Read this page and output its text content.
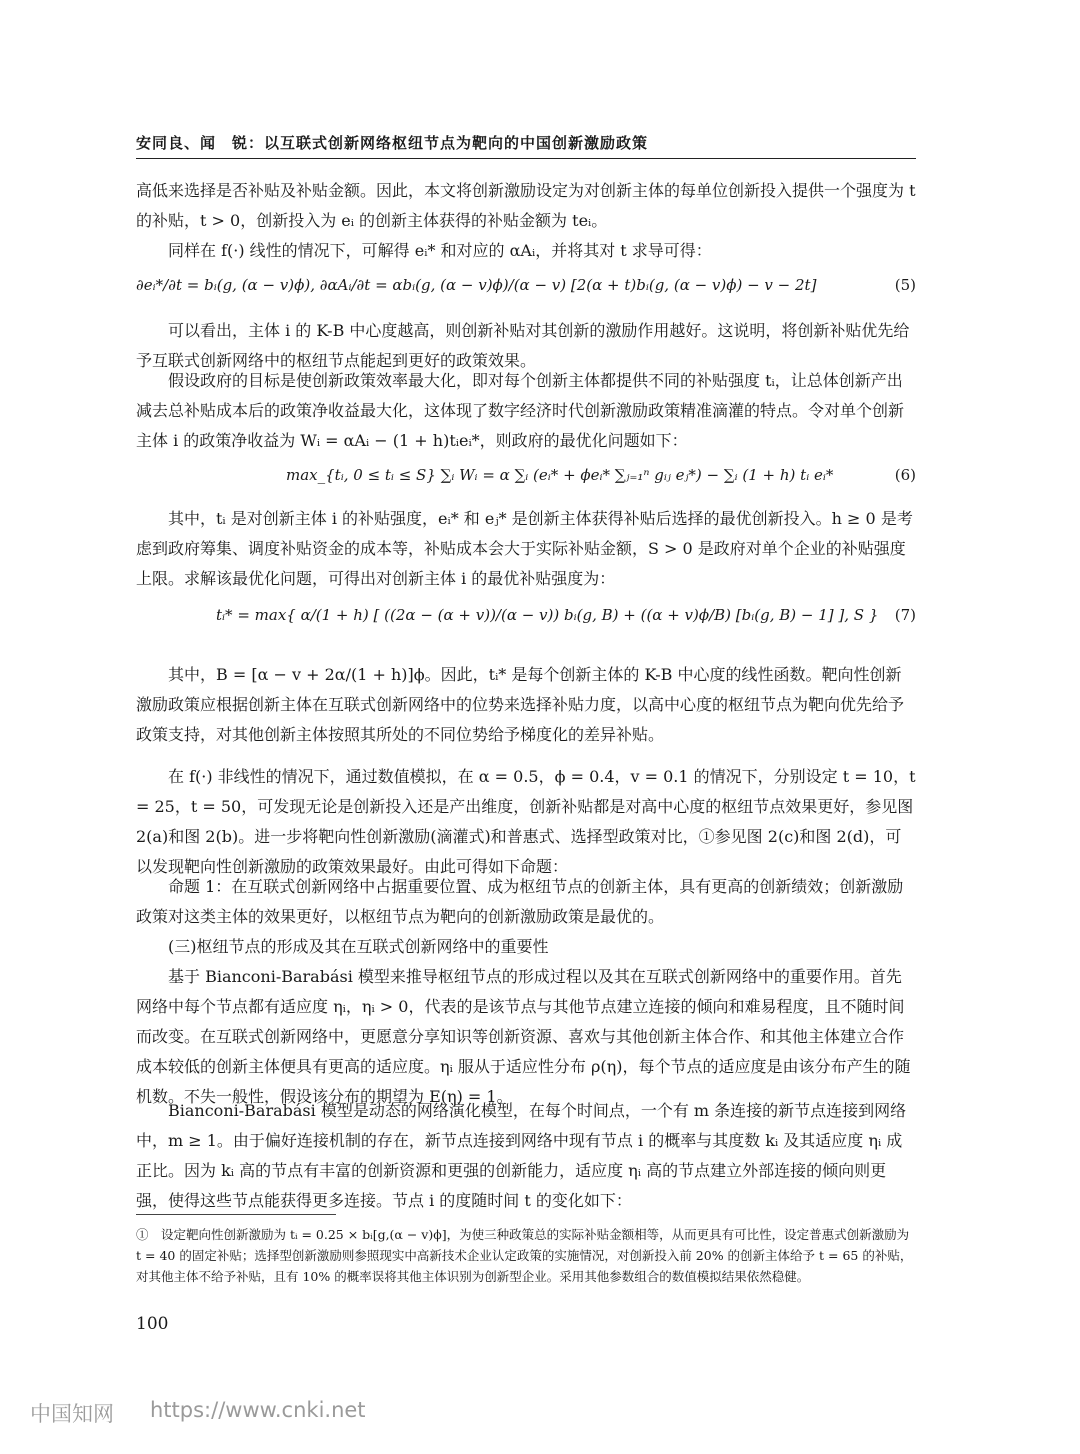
安同良、闻　锐：以互联式创新网络枢纽节点为靶向的中国创新激励政策

高低来选择是否补贴及补贴金额。因此，本文将创新激励设定为对创新主体的每单位创新投入提供一个强度为 t 的补贴，t > 0，创新投入为 eᵢ 的创新主体获得的补贴金额为 teᵢ。

同样在 f(·) 线性的情况下，可解得 eᵢ* 和对应的 αAᵢ，并将其对 t 求导可得：

∂eᵢ*/∂t = bᵢ(g, (α − v)ϕ), ∂αAᵢ/∂t = αbᵢ(g, (α − v)ϕ)/(α − v) [2(α + t)bᵢ(g, (α − v)ϕ) − v − 2t]	(5)

可以看出，主体 i 的 K-B 中心度越高，则创新补贴对其创新的激励作用越好。这说明，将创新补贴优先给予互联式创新网络中的枢纽节点能起到更好的政策效果。

假设政府的目标是使创新政策效率最大化，即对每个创新主体都提供不同的补贴强度 tᵢ，让总体创新产出减去总补贴成本后的政策净收益最大化，这体现了数字经济时代创新激励政策精准滴灌的特点。令对单个创新主体 i 的政策净收益为 Wᵢ = αAᵢ − (1 + h)tᵢeᵢ*，则政府的最优化问题如下：

max_{tᵢ, 0 ≤ tᵢ ≤ S} ∑ᵢ Wᵢ = α ∑ᵢ (eᵢ* + ϕeᵢ* ∑ⱼ₌₁ⁿ gᵢⱼ eⱼ*) − ∑ᵢ (1 + h) tᵢ eᵢ*	(6)

其中，tᵢ 是对创新主体 i 的补贴强度，eᵢ* 和 eⱼ* 是创新主体获得补贴后选择的最优创新投入。h ≥ 0 是考虑到政府筹集、调度补贴资金的成本等，补贴成本会大于实际补贴金额，S > 0 是政府对单个企业的补贴强度上限。求解该最优化问题，可得出对创新主体 i 的最优补贴强度为：

tᵢ* = max{ α/(1 + h) [ ((2α − (α + v))/(α − v)) bᵢ(g, B) + ((α + v)ϕ/B) [bᵢ(g, B) − 1] ], S } (7)

其中，B = [α − v + 2α/(1 + h)]ϕ。因此，tᵢ* 是每个创新主体的 K-B 中心度的线性函数。靶向性创新激励政策应根据创新主体在互联式创新网络中的位势来选择补贴力度，以高中心度的枢纽节点为靶向优先给予政策支持，对其他创新主体按照其所处的不同位势给予梯度化的差异补贴。

在 f(·) 非线性的情况下，通过数值模拟，在 α = 0.5，ϕ = 0.4，v = 0.1 的情况下，分别设定 t = 10，t = 25，t = 50，可发现无论是创新投入还是产出维度，创新补贴都是对高中心度的枢纽节点效果更好，参见图 2(a)和图 2(b)。进一步将靶向性创新激励(滴灌式)和普惠式、选择型政策对比，①参见图 2(c)和图 2(d)，可以发现靶向性创新激励的政策效果最好。由此可得如下命题：

命题 1：在互联式创新网络中占据重要位置、成为枢纽节点的创新主体，具有更高的创新绩效；创新激励政策对这类主体的效果更好，以枢纽节点为靶向的创新激励政策是最优的。

(三)枢纽节点的形成及其在互联式创新网络中的重要性

基于 Bianconi-Barabási 模型来推导枢纽节点的形成过程以及其在互联式创新网络中的重要作用。首先网络中每个节点都有适应度 ηᵢ，ηᵢ > 0，代表的是该节点与其他节点建立连接的倾向和难易程度，且不随时间而改变。在互联式创新网络中，更愿意分享知识等创新资源、喜欢与其他创新主体合作、和其他主体建立合作成本较低的创新主体便具有更高的适应度。ηᵢ 服从于适应性分布 ρ(η)，每个节点的适应度是由该分布产生的随机数。不失一般性，假设该分布的期望为 E(η) = 1。

Bianconi-Barabási 模型是动态的网络演化模型，在每个时间点，一个有 m 条连接的新节点连接到网络中，m ≥ 1。由于偏好连接机制的存在，新节点连接到网络中现有节点 i 的概率与其度数 kᵢ 及其适应度 ηᵢ 成正比。因为 kᵢ 高的节点有丰富的创新资源和更强的创新能力，适应度 ηᵢ 高的节点建立外部连接的倾向则更强，使得这些节点能获得更多连接。节点 i 的度随时间 t 的变化如下：

①　设定靶向性创新激励为 tᵢ = 0.25 × bᵢ[g,(α − v)ϕ]，为使三种政策总的实际补贴金额相等，从而更具有可比性，设定普惠式创新激励为 t = 40 的固定补贴；选择型创新激励则参照现实中高新技术企业认定政策的实施情况，对创新投入前 20% 的创新主体给予 t = 65 的补贴，对其他主体不给予补贴，且有 10% 的概率误将其他主体识别为创新型企业。采用其他参数组合的数值模拟结果依然稳健。

100
中国知网 https://www.cnki.net
